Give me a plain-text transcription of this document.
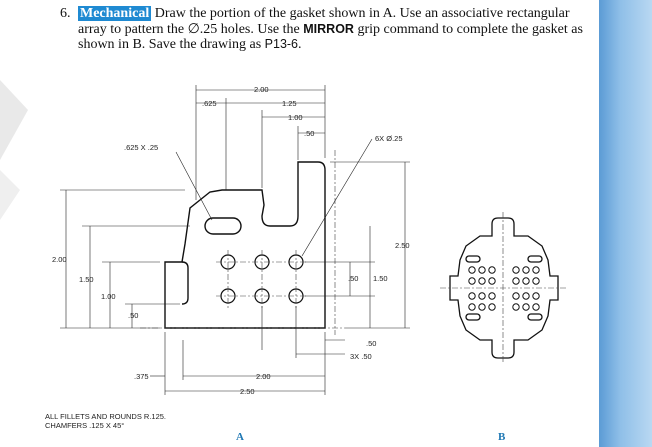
6. Mechanical Draw the portion of the gasket shown in A. Use an associative rectangular array to pattern the ∅.25 holes. Use the MIRROR grip command to complete the gasket as shown in B. Save the drawing as P13-6.
2.00
.625	1.25
1.00
.50
.625 X .25
6X Ø.25
2.00
1.50
1.00
.50
2.50
1.50
.50
.50
3X .50
.375	2.00
2.50
ALL FILLETS AND ROUNDS R.125.
CHAMFERS .125 X 45°
A	B
